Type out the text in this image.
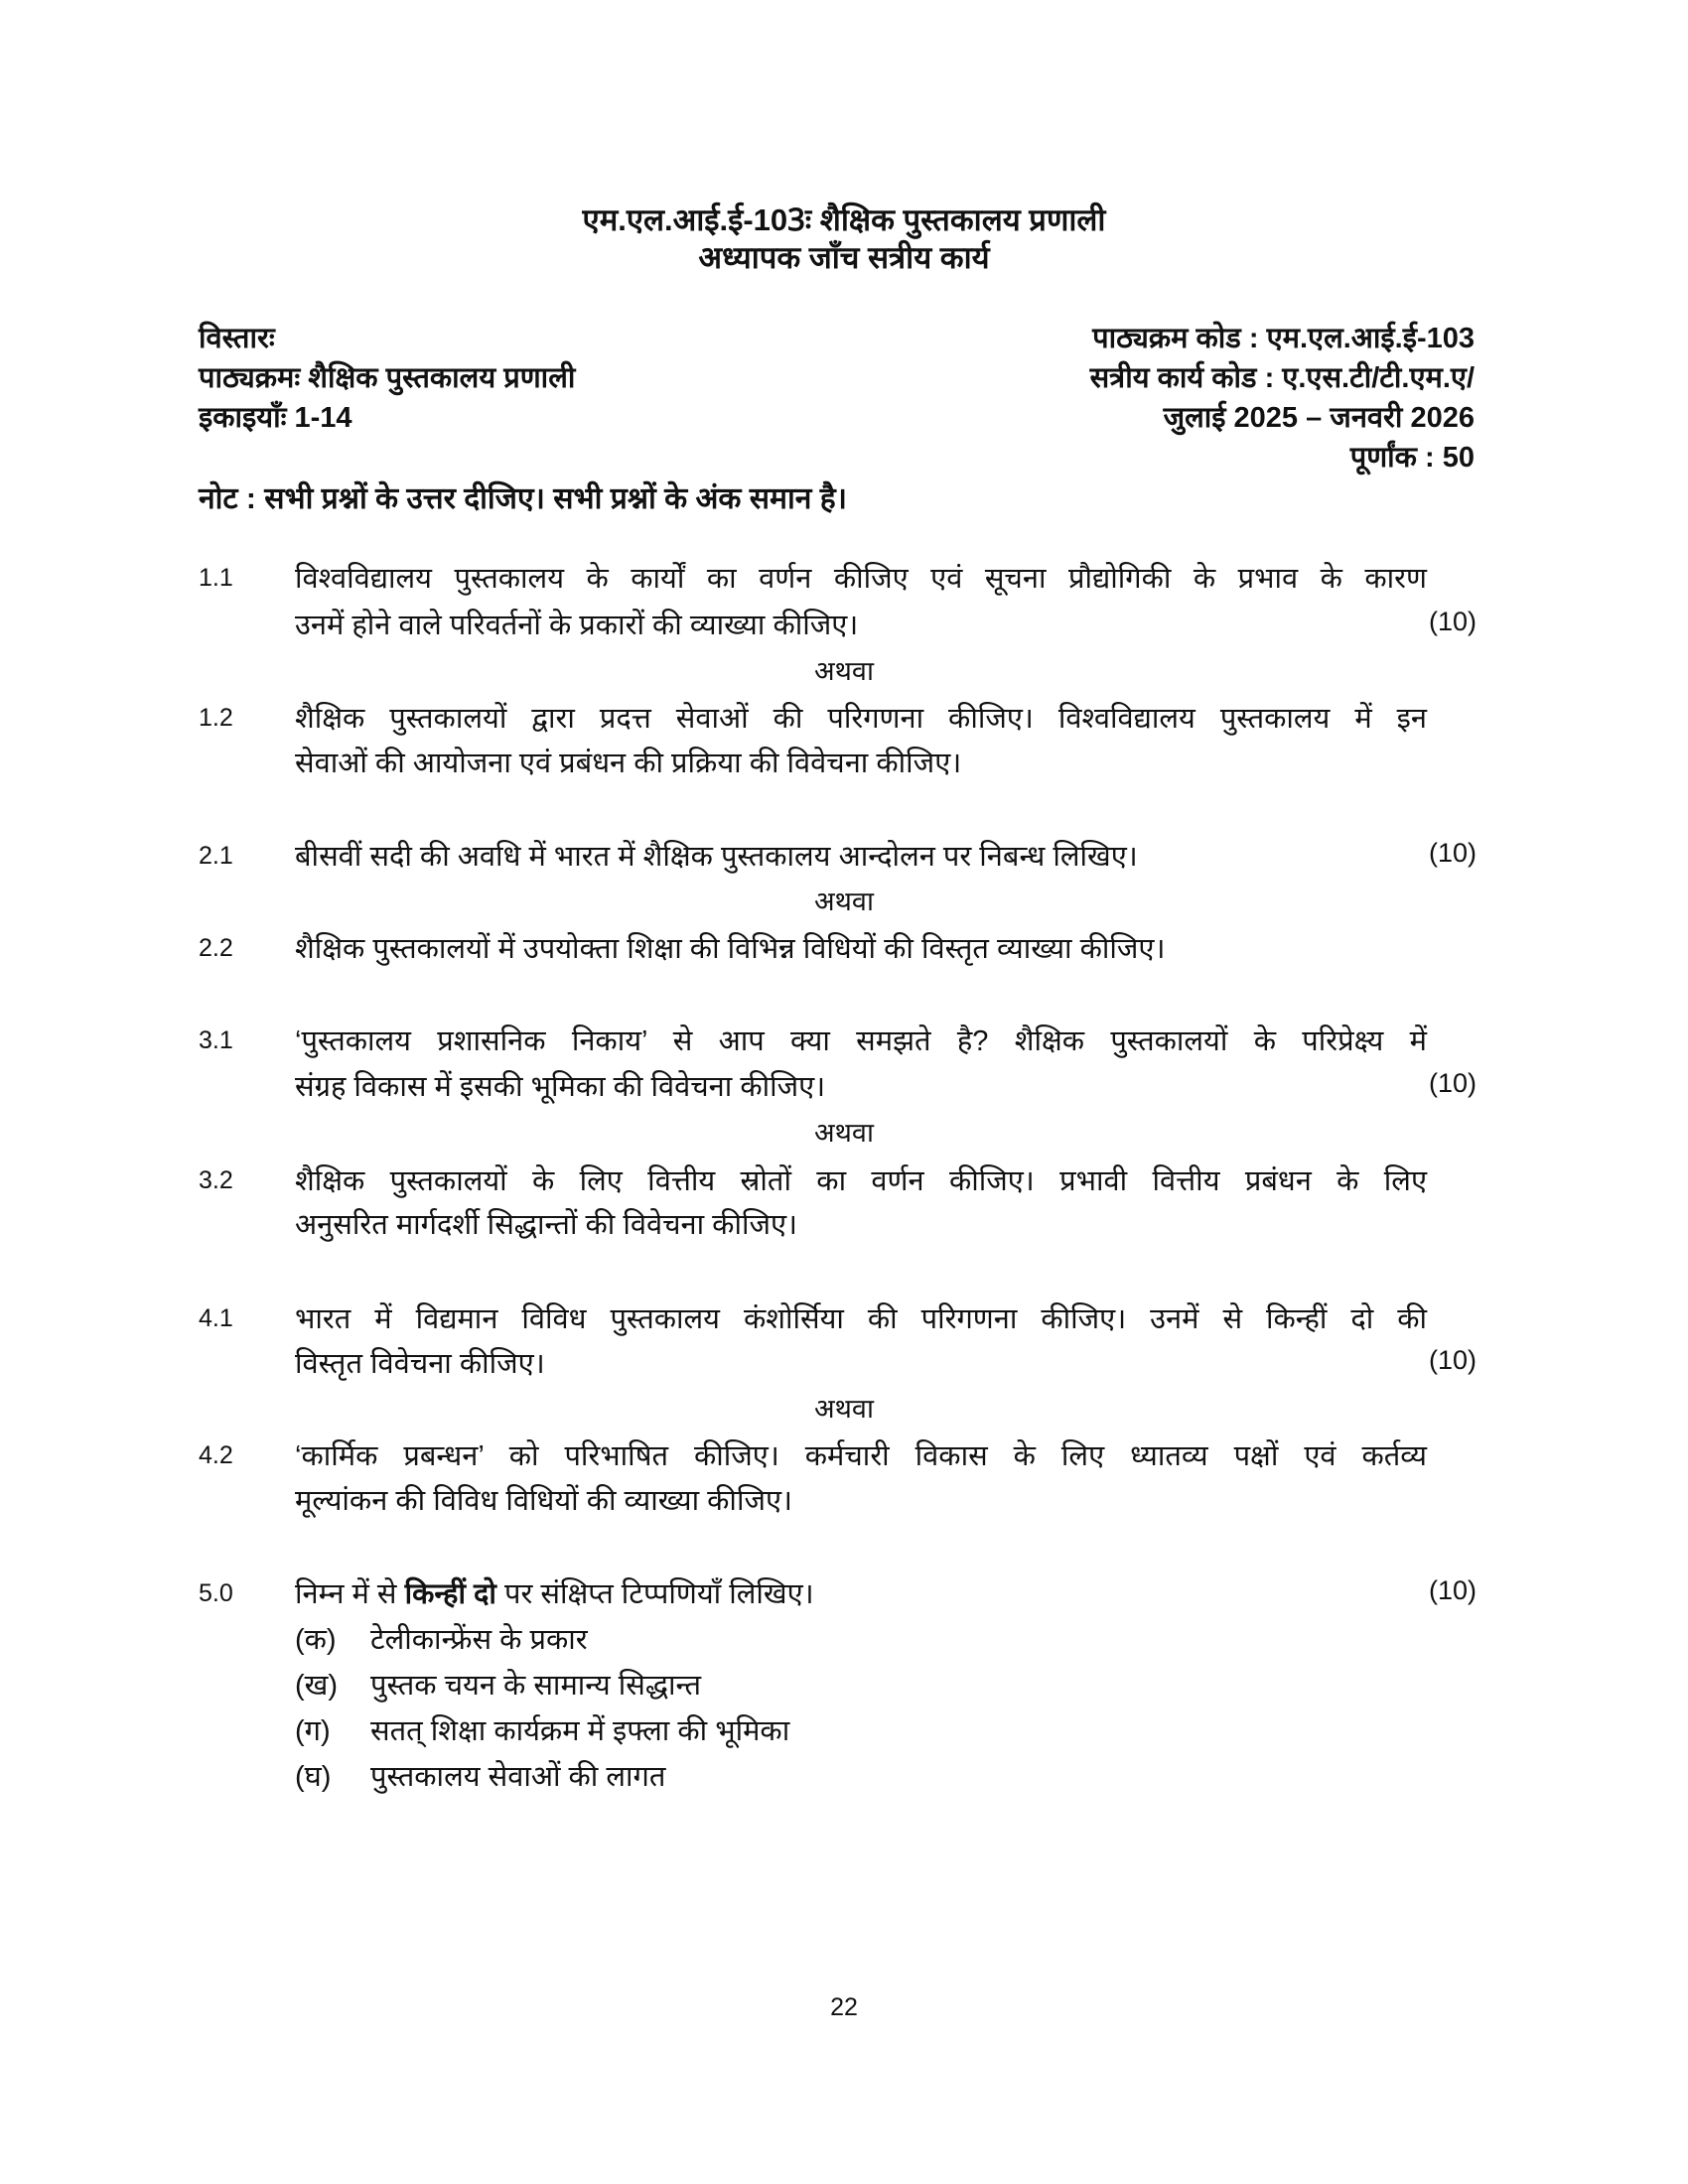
एम.एल.आई.ई-103ः शैक्षिक पुस्तकालय प्रणाली
अध्यापक जाँच सत्रीय कार्य
विस्तारः
पाठ्यक्रमः शैक्षिक पुस्तकालय प्रणाली
इकाइयाँः 1-14
पाठ्यक्रम कोड : एम.एल.आई.ई-103
सत्रीय कार्य कोड : ए.एस.टी/टी.एम.ए/
जुलाई 2025 – जनवरी 2026
पूर्णांक : 50
नोट : सभी प्रश्नों के उत्तर दीजिए। सभी प्रश्नों के अंक समान है।
1.1 विश्वविद्यालय पुस्तकालय के कार्यों का वर्णन कीजिए एवं सूचना प्रौद्योगिकी के प्रभाव के कारण
उनमें होने वाले परिवर्तनों के प्रकारों की व्याख्या कीजिए।	(10)
अथवा
1.2 शैक्षिक पुस्तकालयों द्वारा प्रदत्त सेवाओं की परिगणना कीजिए। विश्वविद्यालय पुस्तकालय में इन
सेवाओं की आयोजना एवं प्रबंधन की प्रक्रिया की विवेचना कीजिए।
2.1 बीसवीं सदी की अवधि में भारत में शैक्षिक पुस्तकालय आन्दोलन पर निबन्ध लिखिए।	(10)
अथवा
2.2 शैक्षिक पुस्तकालयों में उपयोक्ता शिक्षा की विभिन्न विधियों की विस्तृत व्याख्या कीजिए।
3.1 ‘पुस्तकालय प्रशासनिक निकाय’ से आप क्या समझते है? शैक्षिक पुस्तकालयों के परिप्रेक्ष्य में
संग्रह विकास में इसकी भूमिका की विवेचना कीजिए।	(10)
अथवा
3.2 शैक्षिक पुस्तकालयों के लिए वित्तीय स्रोतों का वर्णन कीजिए। प्रभावी वित्तीय प्रबंधन के लिए
अनुसरित मार्गदर्शी सिद्धान्तों की विवेचना कीजिए।
4.1 भारत में विद्यमान विविध पुस्तकालय कंशोर्सिया की परिगणना कीजिए। उनमें से किन्हीं दो की
विस्तृत विवेचना कीजिए।	(10)
अथवा
4.2 ‘कार्मिक प्रबन्धन’ को परिभाषित कीजिए। कर्मचारी विकास के लिए ध्यातव्य पक्षों एवं कर्तव्य
मूल्यांकन की विविध विधियों की व्याख्या कीजिए।
5.0 निम्न में से किन्हीं दो पर संक्षिप्त टिप्पणियाँ लिखिए।	(10)
(क) टेलीकान्फ्रेंस के प्रकार
(ख) पुस्तक चयन के सामान्य सिद्धान्त
(ग) सतत् शिक्षा कार्यक्रम में इफ्ला की भूमिका
(घ) पुस्तकालय सेवाओं की लागत
22
